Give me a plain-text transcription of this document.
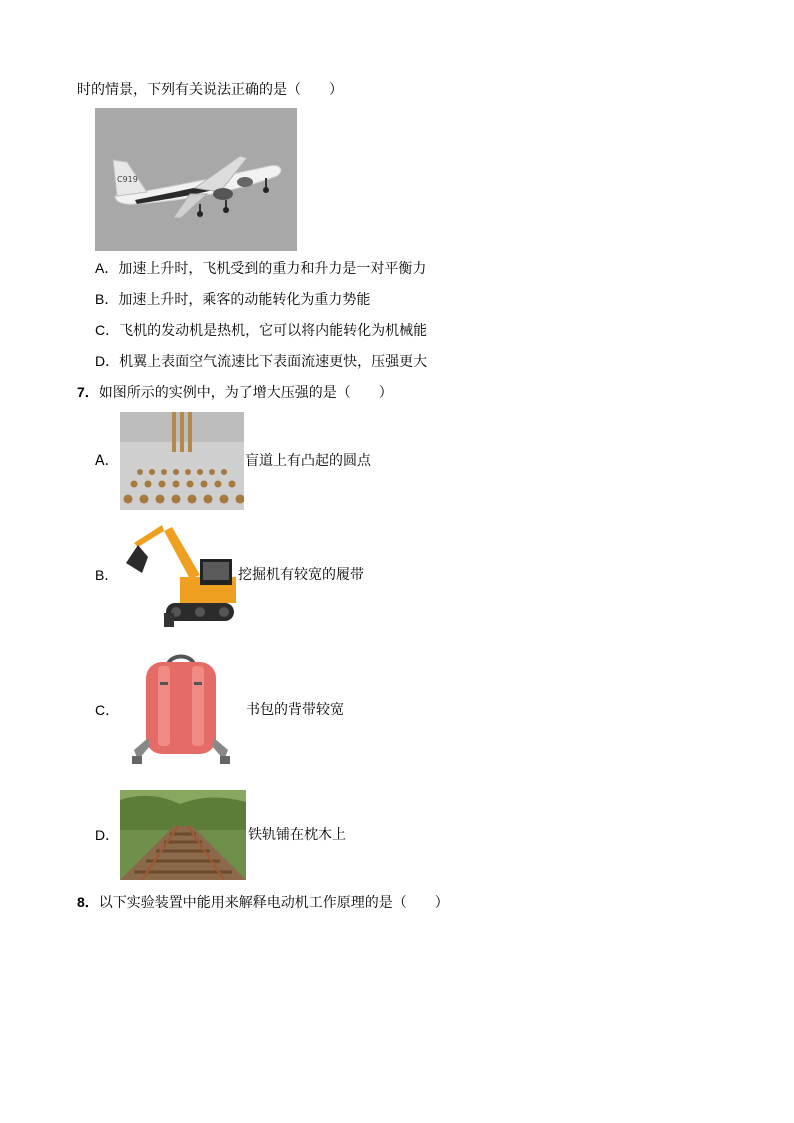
时的情景，下列有关说法正确的是（　　）
C919
A．加速上升时，飞机受到的重力和升力是一对平衡力
B．加速上升时，乘客的动能转化为重力势能
C．飞机的发动机是热机，它可以将内能转化为机械能
D．机翼上表面空气流速比下表面流速更快，压强更大
7．如图所示的实例中，为了增大压强的是（　　）
A．	盲道上有凸起的圆点
B．	挖掘机有较宽的履带
C．	书包的背带较宽
D．	铁轨铺在枕木上
8．以下实验装置中能用来解释电动机工作原理的是（　　）
